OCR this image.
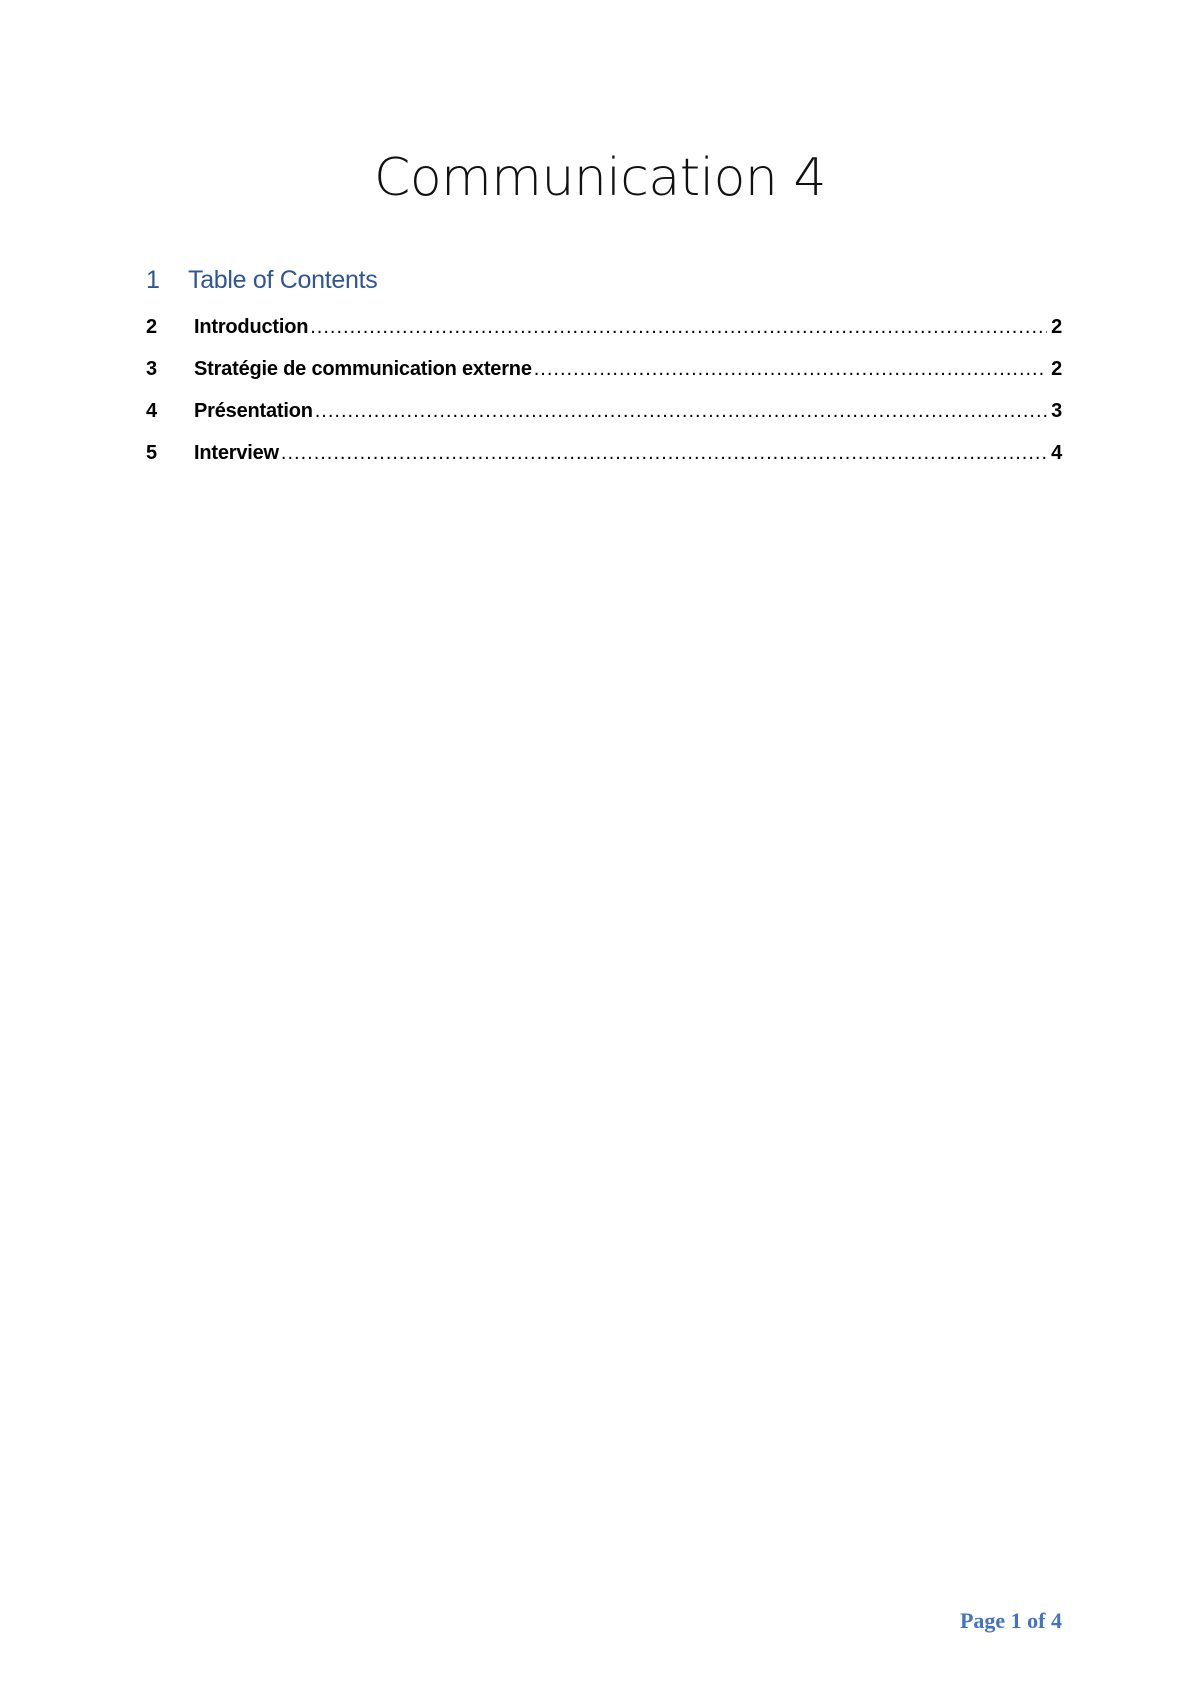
Communication 4
1	Table of Contents
2	Introduction .....	2
3	Stratégie de communication externe .....	2
4	Présentation .....	3
5	Interview .....	4
Page 1 of 4
